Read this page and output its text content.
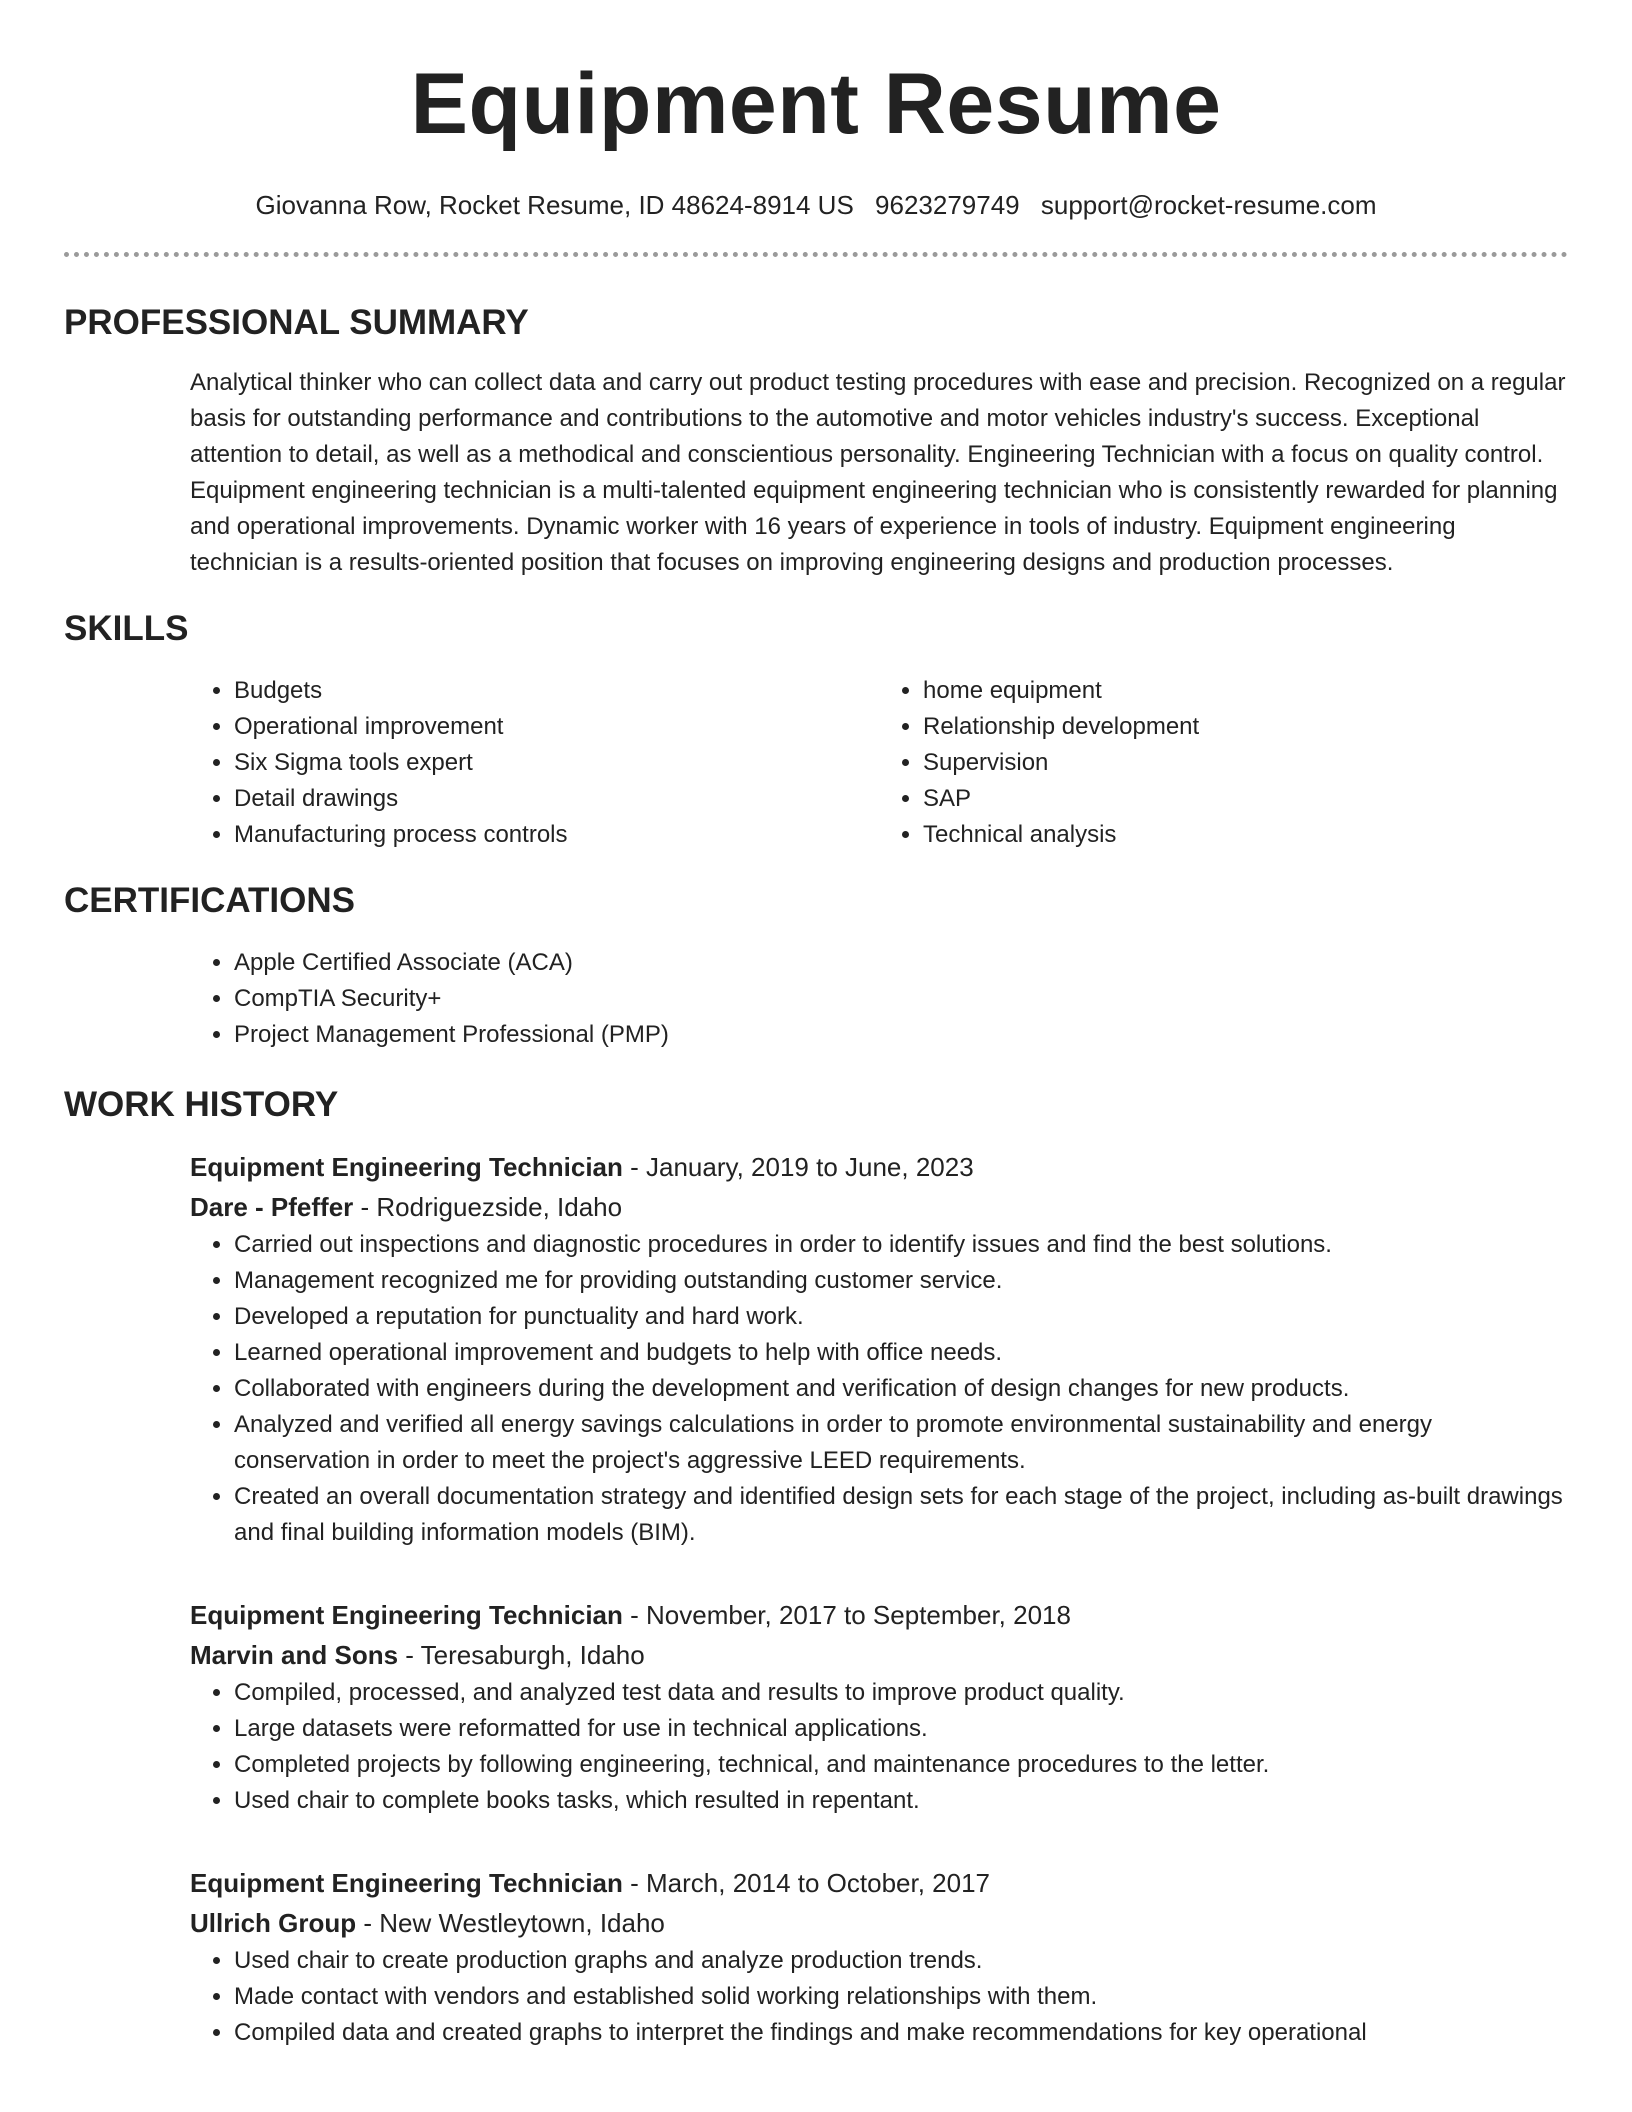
Equipment Resume
Giovanna Row, Rocket Resume, ID 48624-8914 US 9623279749 support@rocket-resume.com
PROFESSIONAL SUMMARY

Analytical thinker who can collect data and carry out product testing procedures with ease and precision. Recognized on a regular basis for outstanding performance and contributions to the automotive and motor vehicles industry's success. Exceptional attention to detail, as well as a methodical and conscientious personality. Engineering Technician with a focus on quality control. Equipment engineering technician is a multi-talented equipment engineering technician who is consistently rewarded for planning and operational improvements. Dynamic worker with 16 years of experience in tools of industry. Equipment engineering technician is a results-oriented position that focuses on improving engineering designs and production processes.

SKILLS
• Budgets
• Operational improvement
• Six Sigma tools expert
• Detail drawings
• Manufacturing process controls
• home equipment
• Relationship development
• Supervision
• SAP
• Technical analysis
CERTIFICATIONS
• Apple Certified Associate (ACA)
• CompTIA Security+
• Project Management Professional (PMP)
WORK HISTORY
Equipment Engineering Technician - January, 2019 to June, 2023
Dare - Pfeffer - Rodriguezside, Idaho
• Carried out inspections and diagnostic procedures in order to identify issues and find the best solutions.
• Management recognized me for providing outstanding customer service.
• Developed a reputation for punctuality and hard work.
• Learned operational improvement and budgets to help with office needs.
• Collaborated with engineers during the development and verification of design changes for new products.
• Analyzed and verified all energy savings calculations in order to promote environmental sustainability and energy conservation in order to meet the project's aggressive LEED requirements.
• Created an overall documentation strategy and identified design sets for each stage of the project, including as-built drawings and final building information models (BIM).
Equipment Engineering Technician - November, 2017 to September, 2018
Marvin and Sons - Teresaburgh, Idaho
• Compiled, processed, and analyzed test data and results to improve product quality.
• Large datasets were reformatted for use in technical applications.
• Completed projects by following engineering, technical, and maintenance procedures to the letter.
• Used chair to complete books tasks, which resulted in repentant.
Equipment Engineering Technician - March, 2014 to October, 2017
Ullrich Group - New Westleytown, Idaho
• Used chair to create production graphs and analyze production trends.
• Made contact with vendors and established solid working relationships with them.
• Compiled data and created graphs to interpret the findings and make recommendations for key operational
